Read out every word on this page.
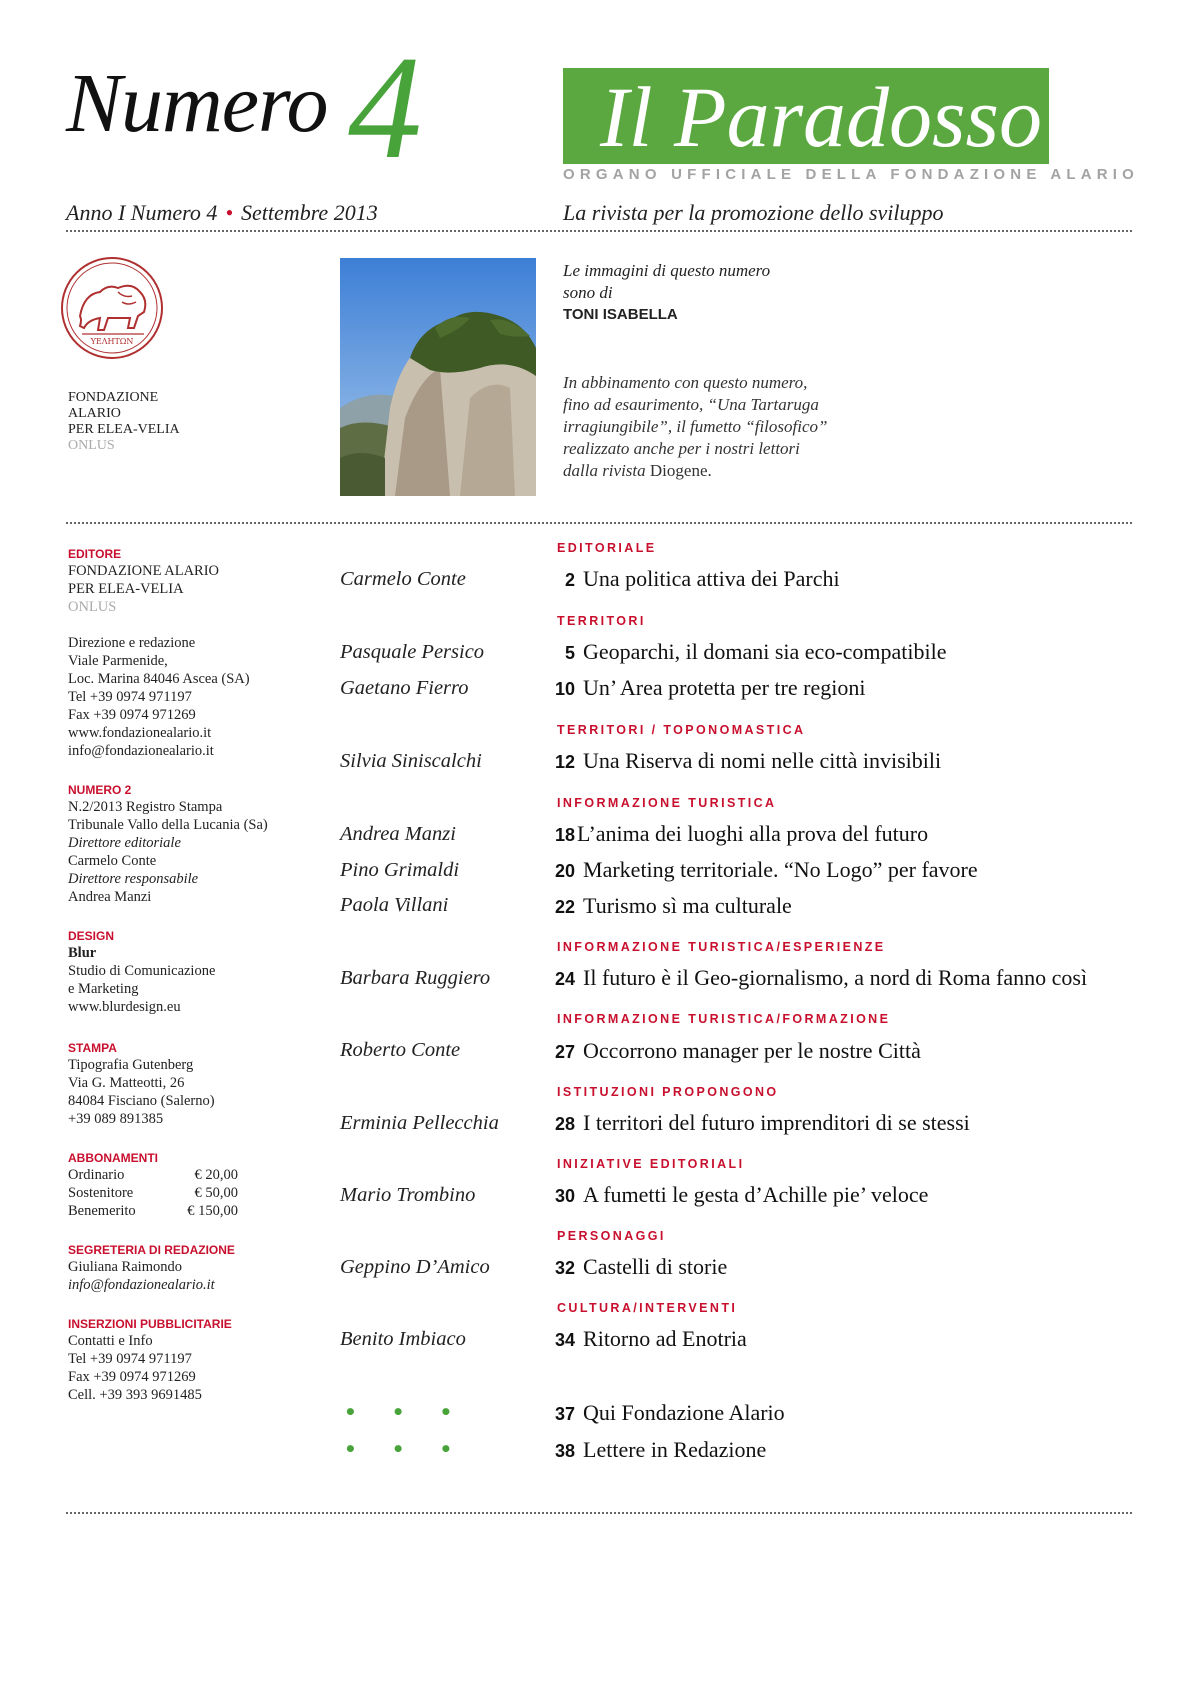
Numero 4 Il Paradosso
ORGANO UFFICIALE DELLA FONDAZIONE ALARIO
Anno I Numero 4 • Settembre 2013	La rivista per la promozione dello sviluppo
ΥΕΛΗΤΩΝ
FONDAZIONE
ALARIO
PER ELEA-VELIA
ONLUS
Le immagini di questo numero
sono di
TONI ISABELLA
In abbinamento con questo numero,
fino ad esaurimento, “Una Tartaruga
irragiungibile”, il fumetto “filosofico”
realizzato anche per i nostri lettori
dalla rivista Diogene.
EDITORE
FONDAZIONE ALARIO
PER ELEA-VELIA
ONLUS
Direzione e redazione
Viale Parmenide,
Loc. Marina 84046 Ascea (SA)
Tel +39 0974 971197
Fax +39 0974 971269
www.fondazionealario.it
info@fondazionealario.it
NUMERO 2
N.2/2013 Registro Stampa
Tribunale Vallo della Lucania (Sa)
Direttore editoriale
Carmelo Conte
Direttore responsabile
Andrea Manzi
DESIGN
Blur
Studio di Comunicazione
e Marketing
www.blurdesign.eu
STAMPA
Tipografia Gutenberg
Via G. Matteotti, 26
84084 Fisciano (Salerno)
+39 089 891385
ABBONAMENTI
Ordinario	€ 20,00
Sostenitore	€ 50,00
Benemerito	€ 150,00
SEGRETERIA DI REDAZIONE
Giuliana Raimondo
info@fondazionealario.it
INSERZIONI PUBBLICITARIE
Contatti e Info
Tel +39 0974 971197
Fax +39 0974 971269
Cell. +39 393 9691485
EDITORIALE
Carmelo Conte	2 Una politica attiva dei Parchi
TERRITORI
Pasquale Persico	5 Geoparchi, il domani sia eco-compatibile
Gaetano Fierro	10 Un’ Area protetta per tre regioni
TERRITORI / TOPONOMASTICA
Silvia Siniscalchi	12 Una Riserva di nomi nelle città invisibili
INFORMAZIONE TURISTICA
Andrea Manzi	18L’anima dei luoghi alla prova del futuro
Pino Grimaldi	20 Marketing territoriale. “No Logo” per favore
Paola Villani	22 Turismo sì ma culturale
INFORMAZIONE TURISTICA/ESPERIENZE
Barbara Ruggiero	24 Il futuro è il Geo-giornalismo, a nord di Roma fanno così
INFORMAZIONE TURISTICA/FORMAZIONE
Roberto Conte	27 Occorrono manager per le nostre Città
ISTITUZIONI PROPONGONO
Erminia Pellecchia	28 I territori del futuro imprenditori di se stessi
INIZIATIVE EDITORIALI
Mario Trombino	30 A fumetti le gesta d’Achille pie’ veloce
PERSONAGGI
Geppino D’Amico	32 Castelli di storie
CULTURA/INTERVENTI
Benito Imbiaco	34 Ritorno ad Enotria
• • •	37 Qui Fondazione Alario
• • •	38 Lettere in Redazione
